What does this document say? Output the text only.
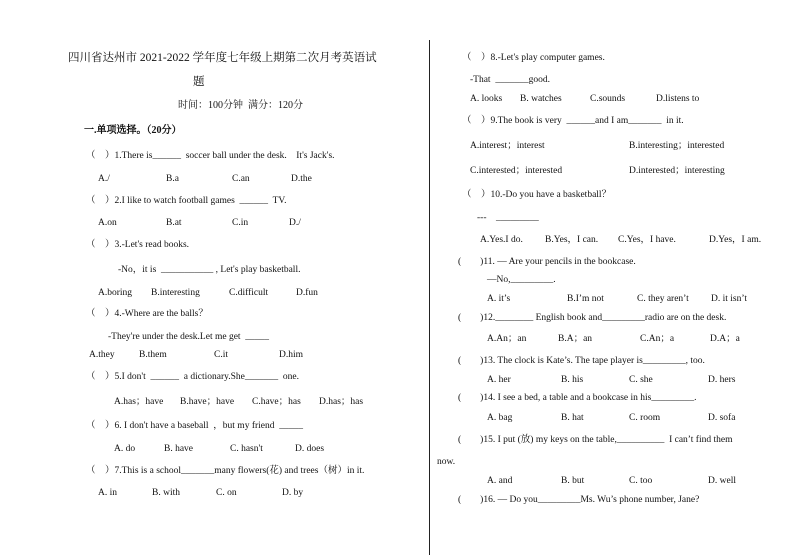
四川省达州市 2021-2022 学年度七年级上期第二次月考英语试
题
时间：100分钟  满分：120分
一.单项选择。（20分）
（    ）1.There is______  soccer ball under the desk.    It's Jack's.
A./	B.a	C.an	D.the
（    ）2.I like to watch football games  ______  TV.
A.on	B.at	C.in	D./
（    ）3.-Let's read books.
-No，it is  ___________ , Let's play basketball.
A.boring B.interesting	C.difficult	D.fun
（    ）4.-Where are the balls？
-They're under the desk.Let me get  _____
A.they	B.them	C.it	D.him
（    ）5.I don't  ______  a dictionary.She_______  one.
A.has；have B.have；have C.have；has D.has；has
（    ）6. I don't have a baseball  ，but my friend  _____
A. do	B. have	C. hasn't	D. does
（    ）7.This is a school_______many flowers(花) and trees（树）in it.
A. in	B. with	C. on	D. by
（    ）8.-Let's play computer games.
-That  _______good.
A. looks B. watches	C.sounds	D.listens to
（    ）9.The book is very  ______and I am_______  in it.
A.interest；interest	B.interesting；interested
C.interested；interested	D.interested；interesting
（    ）10.-Do you have a basketball？
---    _________
A.Yes.I do. B.Yes，I can. C.Yes，I have.	D.Yes，I am.
(        )11. — Are your pencils in the bookcase.
—No,_________.
A. it’s	B.I’m not	C. they aren’t D. it isn’t
(        )12.________ English book and_________radio are on the desk.
A.An；an	B.A；an	C.An；a	D.A；a
(        )13. The clock is Kate’s. The tape player is_________, too.
A. her	B. his	C. she	D. hers
(        )14. I see a bed, a table and a bookcase in his_________.
A. bag	B. hat	C. room	D. sofa
(        )15. I put (放) my keys on the table,__________  I can’t find them
now.
A. and	B. but	C. too	D. well
(        )16. — Do you_________Ms. Wu’s phone number, Jane?
